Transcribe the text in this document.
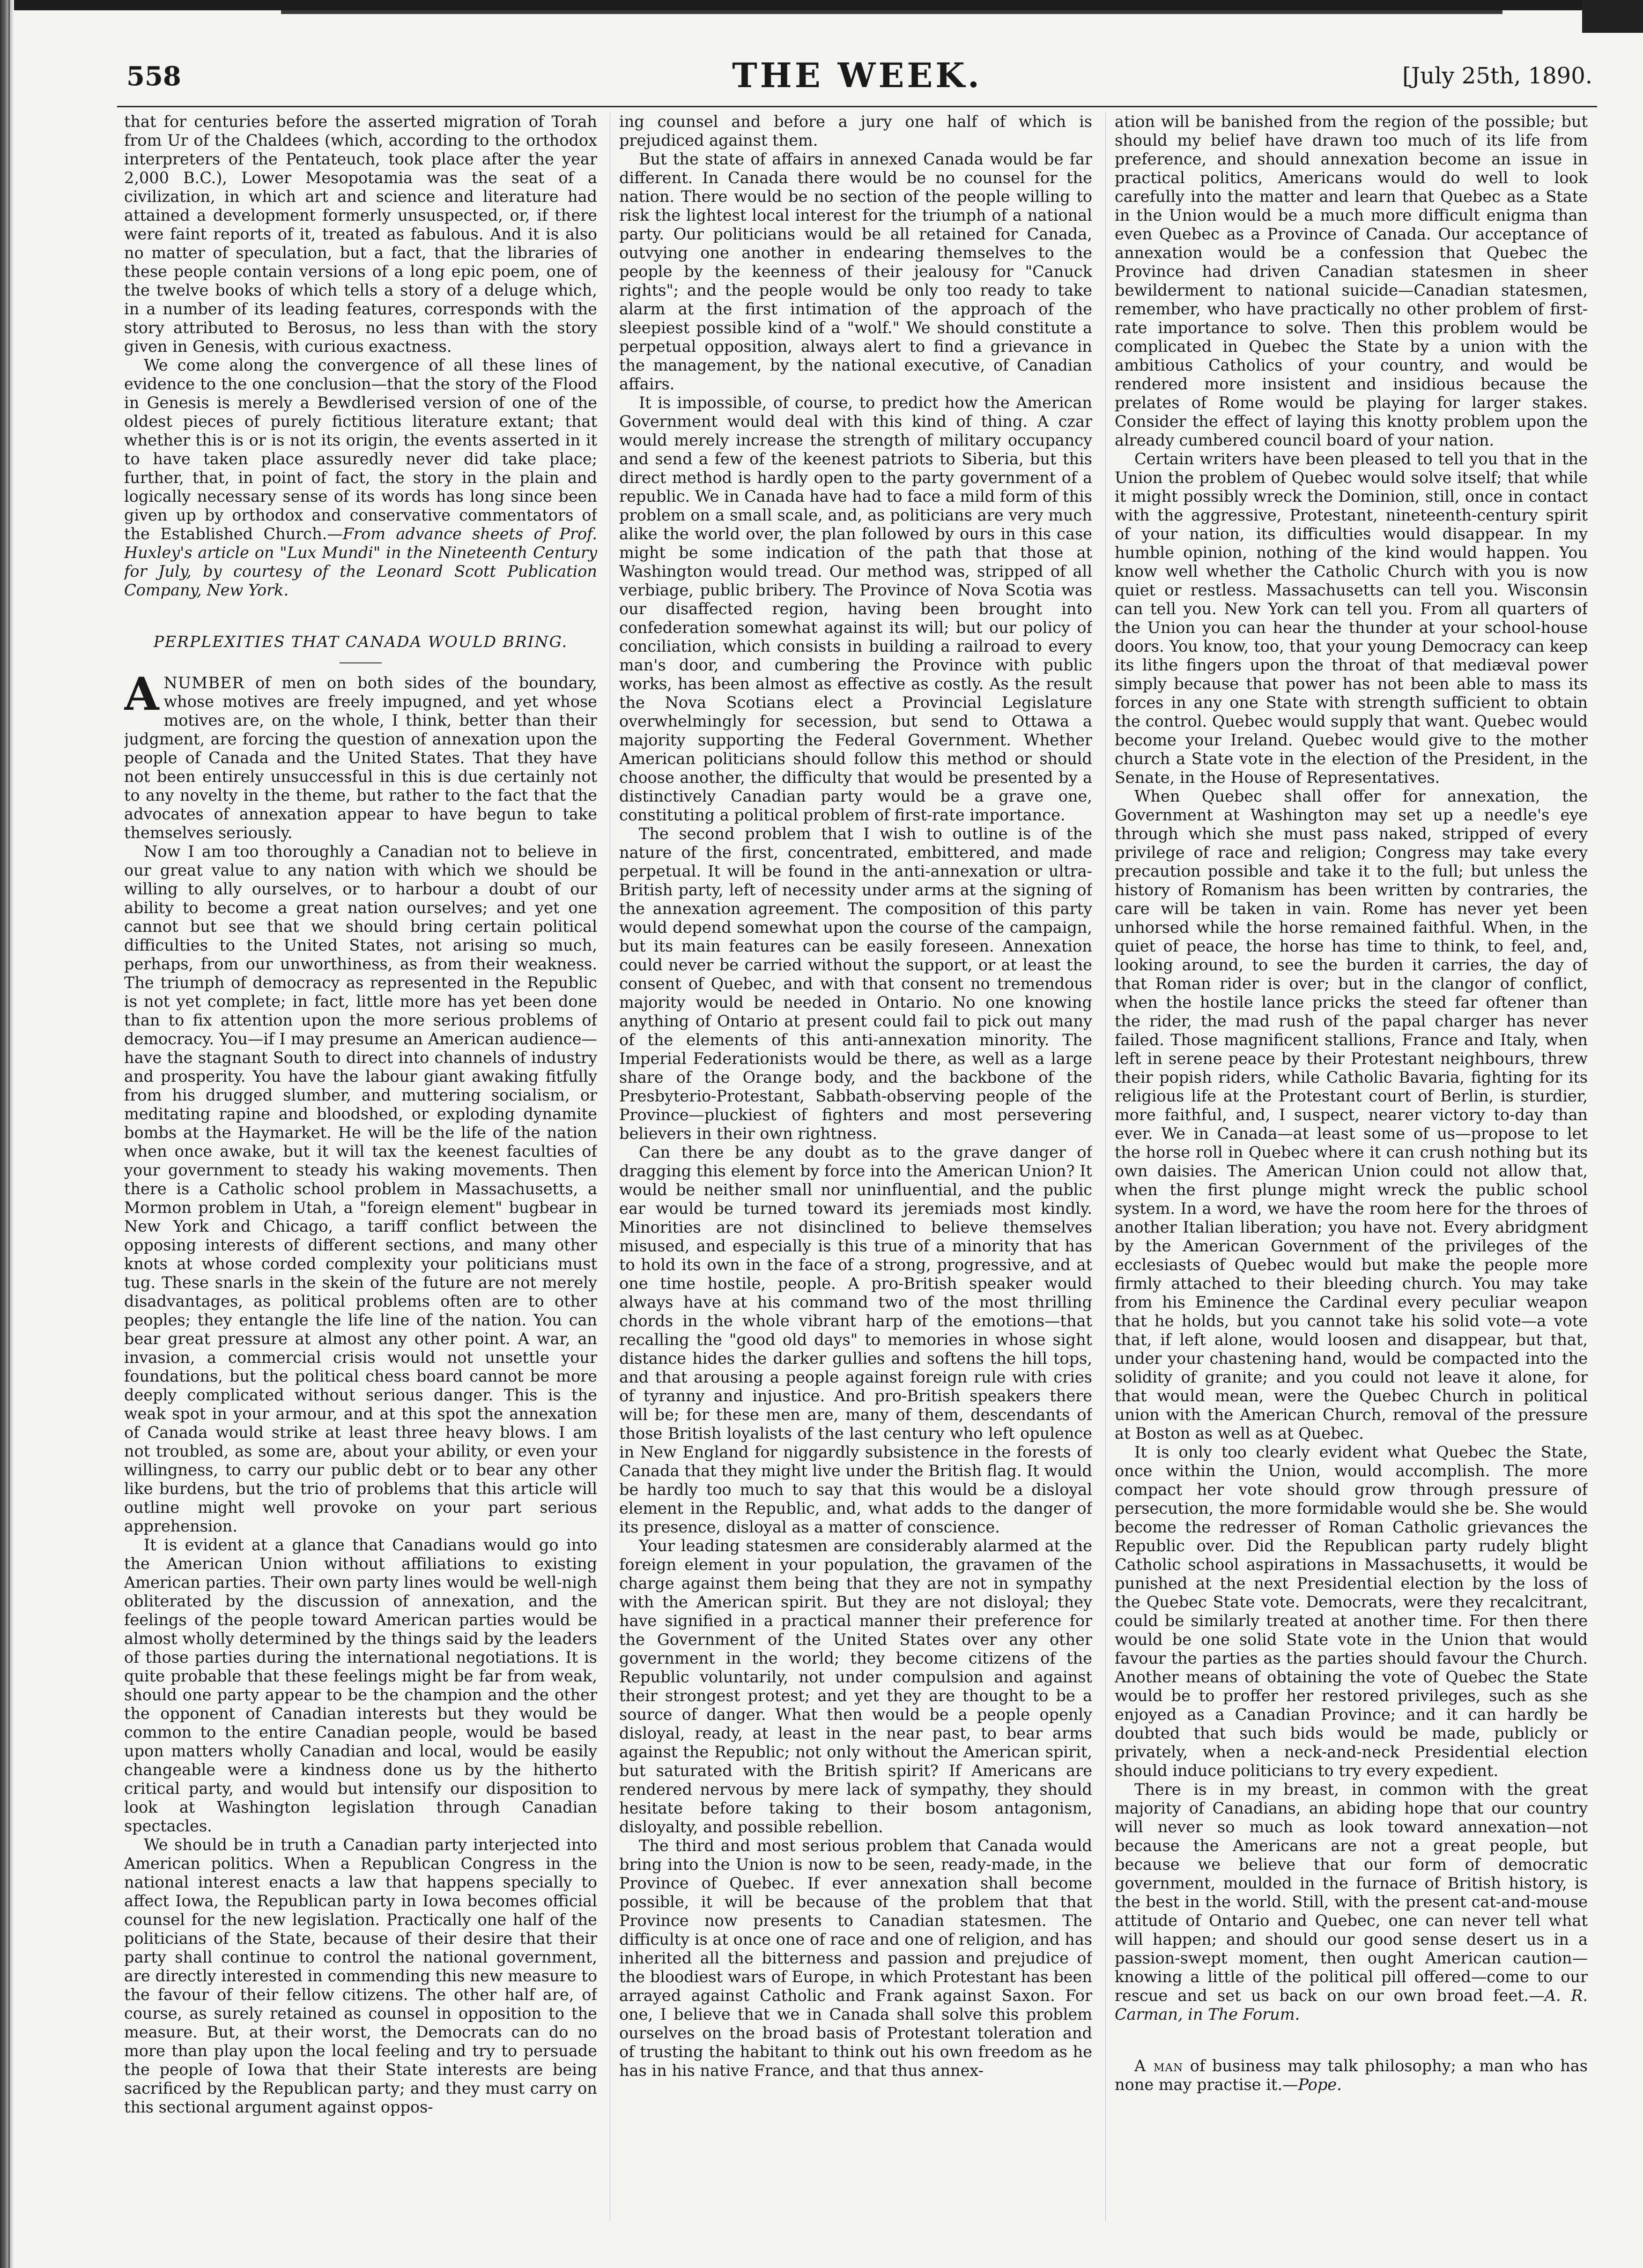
558	THE WEEK.	[July 25th, 1890.

that for centuries before the asserted migration of Torah from Ur of the Chaldees (which, according to the orthodox interpreters of the Pentateuch, took place after the year 2,000 B.C.), Lower Mesopotamia was the seat of a civilization, in which art and science and literature had attained a development formerly unsuspected, or, if there were faint reports of it, treated as fabulous. And it is also no matter of speculation, but a fact, that the libraries of these people contain versions of a long epic poem, one of the twelve books of which tells a story of a deluge which, in a number of its leading features, corresponds with the story attributed to Berosus, no less than with the story given in Genesis, with curious exactness.

We come along the convergence of all these lines of evidence to the one conclusion—that the story of the Flood in Genesis is merely a Bewdlerised version of one of the oldest pieces of purely fictitious literature extant; that whether this is or is not its origin, the events asserted in it to have taken place assuredly never did take place; further, that, in point of fact, the story in the plain and logically necessary sense of its words has long since been given up by orthodox and conservative commentators of the Established Church.—From advance sheets of Prof. Huxley's article on "Lux Mundi" in the Nineteenth Century for July, by courtesy of the Leonard Scott Publication Company, New York.

PERPLEXITIES THAT CANADA WOULD BRING.

ANUMBER of men on both sides of the boundary, whose motives are freely impugned, and yet whose motives are, on the whole, I think, better than their judgment, are forcing the question of annexation upon the people of Canada and the United States. That they have not been entirely unsuccessful in this is due certainly not to any novelty in the theme, but rather to the fact that the advocates of annexation appear to have begun to take themselves seriously.

Now I am too thoroughly a Canadian not to believe in our great value to any nation with which we should be willing to ally ourselves, or to harbour a doubt of our ability to become a great nation ourselves; and yet one cannot but see that we should bring certain political difficulties to the United States, not arising so much, perhaps, from our unworthiness, as from their weakness. The triumph of democracy as represented in the Republic is not yet complete; in fact, little more has yet been done than to fix attention upon the more serious problems of democracy. You—if I may presume an American audience—have the stagnant South to direct into channels of industry and prosperity. You have the labour giant awaking fitfully from his drugged slumber, and muttering socialism, or meditating rapine and bloodshed, or exploding dynamite bombs at the Haymarket. He will be the life of the nation when once awake, but it will tax the keenest faculties of your government to steady his waking movements. Then there is a Catholic school problem in Massachusetts, a Mormon problem in Utah, a "foreign element" bugbear in New York and Chicago, a tariff conflict between the opposing interests of different sections, and many other knots at whose corded complexity your politicians must tug. These snarls in the skein of the future are not merely disadvantages, as political problems often are to other peoples; they entangle the life line of the nation. You can bear great pressure at almost any other point. A war, an invasion, a commercial crisis would not unsettle your foundations, but the political chess board cannot be more deeply complicated without serious danger. This is the weak spot in your armour, and at this spot the annexation of Canada would strike at least three heavy blows. I am not troubled, as some are, about your ability, or even your willingness, to carry our public debt or to bear any other like burdens, but the trio of problems that this article will outline might well provoke on your part serious apprehension.

It is evident at a glance that Canadians would go into the American Union without affiliations to existing American parties. Their own party lines would be well-nigh obliterated by the discussion of annexation, and the feelings of the people toward American parties would be almost wholly determined by the things said by the leaders of those parties during the international negotiations. It is quite probable that these feelings might be far from weak, should one party appear to be the champion and the other the opponent of Canadian interests but they would be common to the entire Canadian people, would be based upon matters wholly Canadian and local, would be easily changeable were a kindness done us by the hitherto critical party, and would but intensify our disposition to look at Washington legislation through Canadian spectacles.

We should be in truth a Canadian party interjected into American politics. When a Republican Congress in the national interest enacts a law that happens specially to affect Iowa, the Republican party in Iowa becomes official counsel for the new legislation. Practically one half of the politicians of the State, because of their desire that their party shall continue to control the national government, are directly interested in commending this new measure to the favour of their fellow citizens. The other half are, of course, as surely retained as counsel in opposition to the measure. But, at their worst, the Democrats can do no more than play upon the local feeling and try to persuade the people of Iowa that their State interests are being sacrificed by the Republican party; and they must carry on this sectional argument against oppos-

ing counsel and before a jury one half of which is prejudiced against them.

But the state of affairs in annexed Canada would be far different. In Canada there would be no counsel for the nation. There would be no section of the people willing to risk the lightest local interest for the triumph of a national party. Our politicians would be all retained for Canada, outvying one another in endearing themselves to the people by the keenness of their jealousy for "Canuck rights"; and the people would be only too ready to take alarm at the first intimation of the approach of the sleepiest possible kind of a "wolf." We should constitute a perpetual opposition, always alert to find a grievance in the management, by the national executive, of Canadian affairs.

It is impossible, of course, to predict how the American Government would deal with this kind of thing. A czar would merely increase the strength of military occupancy and send a few of the keenest patriots to Siberia, but this direct method is hardly open to the party government of a republic. We in Canada have had to face a mild form of this problem on a small scale, and, as politicians are very much alike the world over, the plan followed by ours in this case might be some indication of the path that those at Washington would tread. Our method was, stripped of all verbiage, public bribery. The Province of Nova Scotia was our disaffected region, having been brought into confederation somewhat against its will; but our policy of conciliation, which consists in building a railroad to every man's door, and cumbering the Province with public works, has been almost as effective as costly. As the result the Nova Scotians elect a Provincial Legislature overwhelmingly for secession, but send to Ottawa a majority supporting the Federal Government. Whether American politicians should follow this method or should choose another, the difficulty that would be presented by a distinctively Canadian party would be a grave one, constituting a political problem of first-rate importance.

The second problem that I wish to outline is of the nature of the first, concentrated, embittered, and made perpetual. It will be found in the anti-annexation or ultra-British party, left of necessity under arms at the signing of the annexation agreement. The composition of this party would depend somewhat upon the course of the campaign, but its main features can be easily foreseen. Annexation could never be carried without the support, or at least the consent of Quebec, and with that consent no tremendous majority would be needed in Ontario. No one knowing anything of Ontario at present could fail to pick out many of the elements of this anti-annexation minority. The Imperial Federationists would be there, as well as a large share of the Orange body, and the backbone of the Presbyterio-Protestant, Sabbath-observing people of the Province—pluckiest of fighters and most persevering believers in their own rightness.

Can there be any doubt as to the grave danger of dragging this element by force into the American Union? It would be neither small nor uninfluential, and the public ear would be turned toward its jeremiads most kindly. Minorities are not disinclined to believe themselves misused, and especially is this true of a minority that has to hold its own in the face of a strong, progressive, and at one time hostile, people. A pro-British speaker would always have at his command two of the most thrilling chords in the whole vibrant harp of the emotions—that recalling the "good old days" to memories in whose sight distance hides the darker gullies and softens the hill tops, and that arousing a people against foreign rule with cries of tyranny and injustice. And pro-British speakers there will be; for these men are, many of them, descendants of those British loyalists of the last century who left opulence in New England for niggardly subsistence in the forests of Canada that they might live under the British flag. It would be hardly too much to say that this would be a disloyal element in the Republic, and, what adds to the danger of its presence, disloyal as a matter of conscience.

Your leading statesmen are considerably alarmed at the foreign element in your population, the gravamen of the charge against them being that they are not in sympathy with the American spirit. But they are not disloyal; they have signified in a practical manner their preference for the Government of the United States over any other government in the world; they become citizens of the Republic voluntarily, not under compulsion and against their strongest protest; and yet they are thought to be a source of danger. What then would be a people openly disloyal, ready, at least in the near past, to bear arms against the Republic; not only without the American spirit, but saturated with the British spirit? If Americans are rendered nervous by mere lack of sympathy, they should hesitate before taking to their bosom antagonism, disloyalty, and possible rebellion.

The third and most serious problem that Canada would bring into the Union is now to be seen, ready-made, in the Province of Quebec. If ever annexation shall become possible, it will be because of the problem that that Province now presents to Canadian statesmen. The difficulty is at once one of race and one of religion, and has inherited all the bitterness and passion and prejudice of the bloodiest wars of Europe, in which Protestant has been arrayed against Catholic and Frank against Saxon. For one, I believe that we in Canada shall solve this problem ourselves on the broad basis of Protestant toleration and of trusting the habitant to think out his own freedom as he has in his native France, and that thus annex-

ation will be banished from the region of the possible; but should my belief have drawn too much of its life from preference, and should annexation become an issue in practical politics, Americans would do well to look carefully into the matter and learn that Quebec as a State in the Union would be a much more difficult enigma than even Quebec as a Province of Canada. Our acceptance of annexation would be a confession that Quebec the Province had driven Canadian statesmen in sheer bewilderment to national suicide—Canadian statesmen, remember, who have practically no other problem of first-rate importance to solve. Then this problem would be complicated in Quebec the State by a union with the ambitious Catholics of your country, and would be rendered more insistent and insidious because the prelates of Rome would be playing for larger stakes. Consider the effect of laying this knotty problem upon the already cumbered council board of your nation.

Certain writers have been pleased to tell you that in the Union the problem of Quebec would solve itself; that while it might possibly wreck the Dominion, still, once in contact with the aggressive, Protestant, nineteenth-century spirit of your nation, its difficulties would disappear. In my humble opinion, nothing of the kind would happen. You know well whether the Catholic Church with you is now quiet or restless. Massachusetts can tell you. Wisconsin can tell you. New York can tell you. From all quarters of the Union you can hear the thunder at your school-house doors. You know, too, that your young Democracy can keep its lithe fingers upon the throat of that mediæval power simply because that power has not been able to mass its forces in any one State with strength sufficient to obtain the control. Quebec would supply that want. Quebec would become your Ireland. Quebec would give to the mother church a State vote in the election of the President, in the Senate, in the House of Representatives.

When Quebec shall offer for annexation, the Government at Washington may set up a needle's eye through which she must pass naked, stripped of every privilege of race and religion; Congress may take every precaution possible and take it to the full; but unless the history of Romanism has been written by contraries, the care will be taken in vain. Rome has never yet been unhorsed while the horse remained faithful. When, in the quiet of peace, the horse has time to think, to feel, and, looking around, to see the burden it carries, the day of that Roman rider is over; but in the clangor of conflict, when the hostile lance pricks the steed far oftener than the rider, the mad rush of the papal charger has never failed. Those magnificent stallions, France and Italy, when left in serene peace by their Protestant neighbours, threw their popish riders, while Catholic Bavaria, fighting for its religious life at the Protestant court of Berlin, is sturdier, more faithful, and, I suspect, nearer victory to-day than ever. We in Canada—at least some of us—propose to let the horse roll in Quebec where it can crush nothing but its own daisies. The American Union could not allow that, when the first plunge might wreck the public school system. In a word, we have the room here for the throes of another Italian liberation; you have not. Every abridgment by the American Government of the privileges of the ecclesiasts of Quebec would but make the people more firmly attached to their bleeding church. You may take from his Eminence the Cardinal every peculiar weapon that he holds, but you cannot take his solid vote—a vote that, if left alone, would loosen and disappear, but that, under your chastening hand, would be compacted into the solidity of granite; and you could not leave it alone, for that would mean, were the Quebec Church in political union with the American Church, removal of the pressure at Boston as well as at Quebec.

It is only too clearly evident what Quebec the State, once within the Union, would accomplish. The more compact her vote should grow through pressure of persecution, the more formidable would she be. She would become the redresser of Roman Catholic grievances the Republic over. Did the Republican party rudely blight Catholic school aspirations in Massachusetts, it would be punished at the next Presidential election by the loss of the Quebec State vote. Democrats, were they recalcitrant, could be similarly treated at another time. For then there would be one solid State vote in the Union that would favour the parties as the parties should favour the Church. Another means of obtaining the vote of Quebec the State would be to proffer her restored privileges, such as she enjoyed as a Canadian Province; and it can hardly be doubted that such bids would be made, publicly or privately, when a neck-and-neck Presidential election should induce politicians to try every expedient.

There is in my breast, in common with the great majority of Canadians, an abiding hope that our country will never so much as look toward annexation—not because the Americans are not a great people, but because we believe that our form of democratic government, moulded in the furnace of British history, is the best in the world. Still, with the present cat-and-mouse attitude of Ontario and Quebec, one can never tell what will happen; and should our good sense desert us in a passion-swept moment, then ought American caution—knowing a little of the political pill offered—come to our rescue and set us back on our own broad feet.—A. R. Carman, in The Forum.

A man of business may talk philosophy; a man who has none may practise it.—Pope.
